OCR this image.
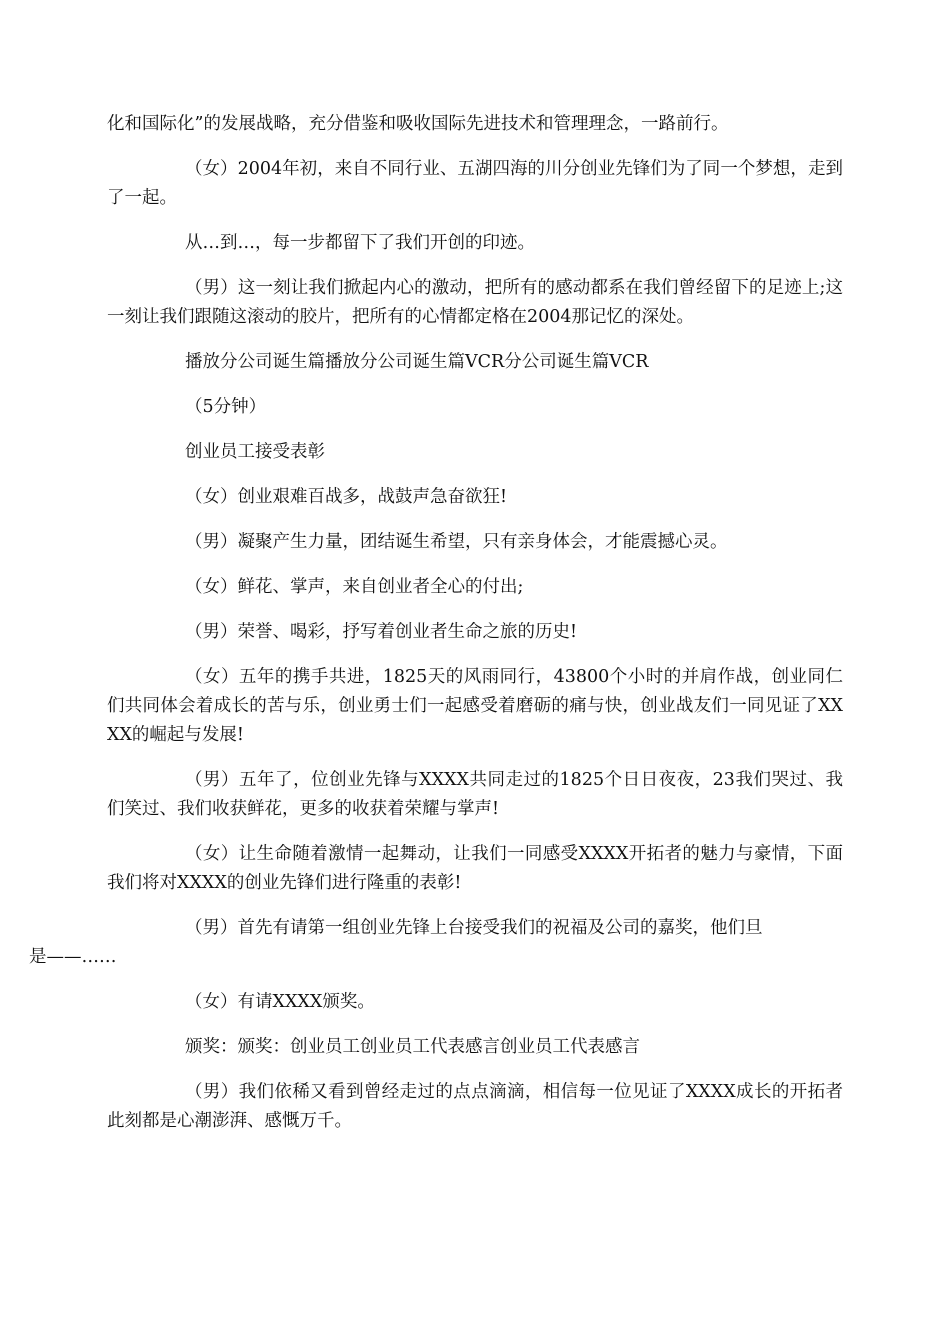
化和国际化”的发展战略，充分借鉴和吸收国际先进技术和管理理念，一路前行。

（女）2004年初，来自不同行业、五湖四海的川分创业先锋们为了同一个梦想，走到了一起。

从…到…，每一步都留下了我们开创的印迹。

（男）这一刻让我们掀起内心的激动，把所有的感动都系在我们曾经留下的足迹上;这一刻让我们跟随这滚动的胶片，把所有的心情都定格在2004那记忆的深处。

播放分公司诞生篇播放分公司诞生篇VCR分公司诞生篇VCR

（5分钟）

创业员工接受表彰

（女）创业艰难百战多，战鼓声急奋欲狂!

（男）凝聚产生力量，团结诞生希望，只有亲身体会，才能震撼心灵。

（女）鲜花、掌声，来自创业者全心的付出;

（男）荣誉、喝彩，抒写着创业者生命之旅的历史!

（女）五年的携手共进，1825天的风雨同行，43800个小时的并肩作战，创业同仁们共同体会着成长的苦与乐，创业勇士们一起感受着磨砺的痛与快，创业战友们一同见证了XXXX的崛起与发展!

（男）五年了，位创业先锋与XXXX共同走过的1825个日日夜夜，23我们哭过、我们笑过、我们收获鲜花，更多的收获着荣耀与掌声!

（女）让生命随着激情一起舞动，让我们一同感受XXXX开拓者的魅力与豪情，下面我们将对XXXX的创业先锋们进行隆重的表彰!

（男）首先有请第一组创业先锋上台接受我们的祝福及公司的嘉奖，他们旦
是——……

（女）有请XXXX颁奖。

颁奖：颁奖：创业员工创业员工代表感言创业员工代表感言

（男）我们依稀又看到曾经走过的点点滴滴，相信每一位见证了XXXX成长的开拓者此刻都是心潮澎湃、感慨万千。
